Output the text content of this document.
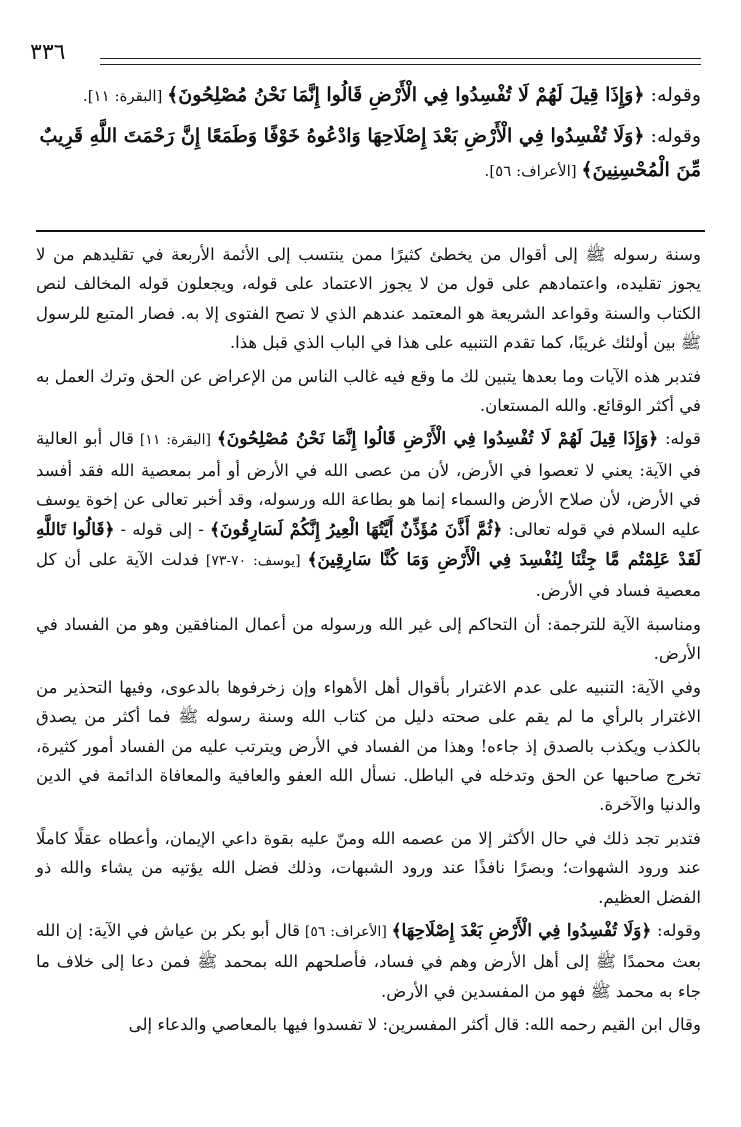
٣٣٦

وقوله: ﴿وَإِذَا قِيلَ لَهُمْ لَا تُفْسِدُوا فِي الْأَرْضِ قَالُوا إِنَّمَا نَحْنُ مُصْلِحُونَ﴾ [البقرة: ١١].

وقوله: ﴿وَلَا تُفْسِدُوا فِي الْأَرْضِ بَعْدَ إِصْلَاحِهَا وَادْعُوهُ خَوْفًا وَطَمَعًا إِنَّ رَحْمَتَ اللَّهِ قَرِيبٌ مِّنَ الْمُحْسِنِينَ﴾ [الأعراف: ٥٦].

وسنة رسوله ﷺ إلى أقوال من يخطئ كثيرًا ممن ينتسب إلى الأئمة الأربعة في تقليدهم من لا يجوز تقليده، واعتمادهم على قول من لا يجوز الاعتماد على قوله، ويجعلون قوله المخالف لنص الكتاب والسنة وقواعد الشريعة هو المعتمد عندهم الذي لا تصح الفتوى إلا به. فصار المتبع للرسول ﷺ بين أولئك غريبًا، كما تقدم التنبيه على هذا في الباب الذي قبل هذا.

فتدبر هذه الآيات وما بعدها يتبين لك ما وقع فيه غالب الناس من الإعراض عن الحق وترك العمل به في أكثر الوقائع. والله المستعان.

قوله: ﴿وَإِذَا قِيلَ لَهُمْ لَا تُفْسِدُوا فِي الْأَرْضِ قَالُوا إِنَّمَا نَحْنُ مُصْلِحُونَ﴾ [البقرة: ١١] قال أبو العالية في الآية: يعني لا تعصوا في الأرض، لأن من عصى الله في الأرض أو أمر بمعصية الله فقد أفسد في الأرض، لأن صلاح الأرض والسماء إنما هو بطاعة الله ورسوله، وقد أخبر تعالى عن إخوة يوسف عليه السلام في قوله تعالى: ﴿ثُمَّ أَذَّنَ مُؤَذِّنٌ أَيَّتُهَا الْعِيرُ إِنَّكُمْ لَسَارِقُونَ﴾ - إلى قوله - ﴿قَالُوا تَاللَّهِ لَقَدْ عَلِمْتُم مَّا جِئْنَا لِنُفْسِدَ فِي الْأَرْضِ وَمَا كُنَّا سَارِقِينَ﴾ [يوسف: ٧٠-٧٣] فدلت الآية على أن كل معصية فساد في الأرض.

ومناسبة الآية للترجمة: أن التحاكم إلى غير الله ورسوله من أعمال المنافقين وهو من الفساد في الأرض.

وفي الآية: التنبيه على عدم الاغترار بأقوال أهل الأهواء وإن زخرفوها بالدعوى، وفيها التحذير من الاغترار بالرأي ما لم يقم على صحته دليل من كتاب الله وسنة رسوله ﷺ فما أكثر من يصدق بالكذب ويكذب بالصدق إذ جاءه! وهذا من الفساد في الأرض ويترتب عليه من الفساد أمور كثيرة، تخرج صاحبها عن الحق وتدخله في الباطل. نسأل الله العفو والعافية والمعافاة الدائمة في الدين والدنيا والآخرة.

فتدبر تجد ذلك في حال الأكثر إلا من عصمه الله ومنّ عليه بقوة داعي الإيمان، وأعطاه عقلًا كاملًا عند ورود الشهوات؛ وبصرًا نافذًا عند ورود الشبهات، وذلك فضل الله يؤتيه من يشاء والله ذو الفضل العظيم.

وقوله: ﴿وَلَا تُفْسِدُوا فِي الْأَرْضِ بَعْدَ إِصْلَاحِهَا﴾ [الأعراف: ٥٦] قال أبو بكر بن عياش في الآية: إن الله بعث محمدًا ﷺ إلى أهل الأرض وهم في فساد، فأصلحهم الله بمحمد ﷺ فمن دعا إلى خلاف ما جاء به محمد ﷺ فهو من المفسدين في الأرض.

وقال ابن القيم رحمه الله: قال أكثر المفسرين: لا تفسدوا فيها بالمعاصي والدعاء إلى
